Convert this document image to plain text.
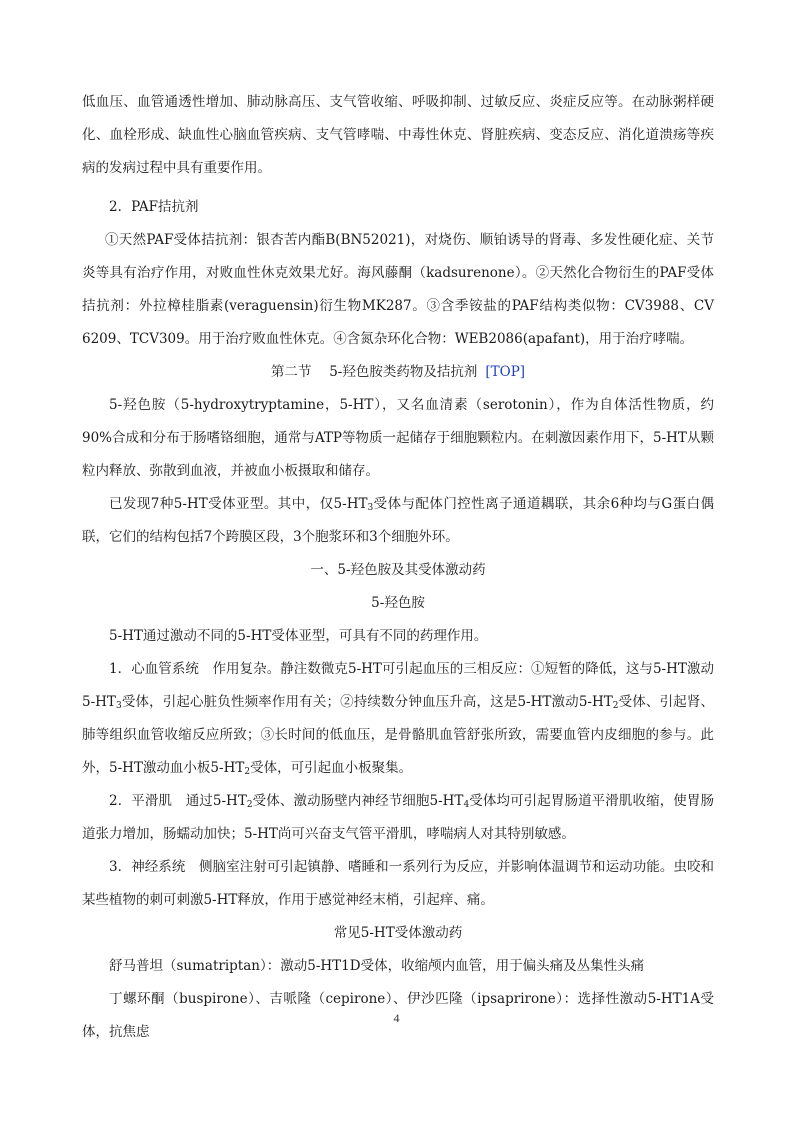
低血压、血管通透性增加、肺动脉高压、支气管收缩、呼吸抑制、过敏反应、炎症反应等。在动脉粥样硬化、血栓形成、缺血性心脑血管疾病、支气管哮喘、中毒性休克、肾脏疾病、变态反应、消化道溃疡等疾病的发病过程中具有重要作用。

2．PAF拮抗剂

①天然PAF受体拮抗剂：银杏苦内酯B(BN52021)，对烧伤、顺铂诱导的肾毒、多发性硬化症、关节炎等具有治疗作用，对败血性休克效果尤好。海风藤酮（kadsurenone）。②天然化合物衍生的PAF受体拮抗剂：外拉樟桂脂素(veraguensin)衍生物MK287。③含季铵盐的PAF结构类似物：CV3988、CV 6209、TCV309。用于治疗败血性休克。④含氮杂环化合物：WEB2086(apafant)，用于治疗哮喘。

第二节　 5-羟色胺类药物及拮抗剂 [TOP]

5-羟色胺（5-hydroxytryptamine，5-HT），又名血清素（serotonin），作为自体活性物质，约90%合成和分布于肠嗜铬细胞，通常与ATP等物质一起储存于细胞颗粒内。在刺激因素作用下，5-HT从颗粒内释放、弥散到血液，并被血小板摄取和储存。

已发现7种5-HT受体亚型。其中，仅$5-HT_3$受体与配体门控性离子通道耦联，其余6种均与G蛋白偶联，它们的结构包括7个跨膜区段，3个胞浆环和3个细胞外环。

一、5-羟色胺及其受体激动药

5-羟色胺

5-HT通过激动不同的5-HT受体亚型，可具有不同的药理作用。

1．心血管系统　作用复杂。静注数微克5-HT可引起血压的三相反应：①短暂的降低，这与5-HT激动$5-HT_3$受体，引起心脏负性频率作用有关；②持续数分钟血压升高，这是5-HT激动$5-HT_2$受体、引起肾、肺等组织血管收缩反应所致；③长时间的低血压，是骨骼肌血管舒张所致，需要血管内皮细胞的参与。此外，5-HT激动血小板$5-HT_2$受体，可引起血小板聚集。

2．平滑肌　通过$5-HT_2$受体、激动肠壁内神经节细胞$5-HT_4$受体均可引起胃肠道平滑肌收缩，使胃肠道张力增加，肠蠕动加快；5-HT尚可兴奋支气管平滑肌，哮喘病人对其特别敏感。

3．神经系统　侧脑室注射可引起镇静、嗜睡和一系列行为反应，并影响体温调节和运动功能。虫咬和某些植物的刺可刺激5-HT释放，作用于感觉神经末梢，引起痒、痛。

常见5-HT受体激动药

舒马普坦（sumatriptan）：激动5-HT1D受体，收缩颅内血管，用于偏头痛及丛集性头痛

丁螺环酮（buspirone）、吉哌隆（cepirone）、伊沙匹隆（ipsaprirone）：选择性激动5-HT1A受体，抗焦虑

4
